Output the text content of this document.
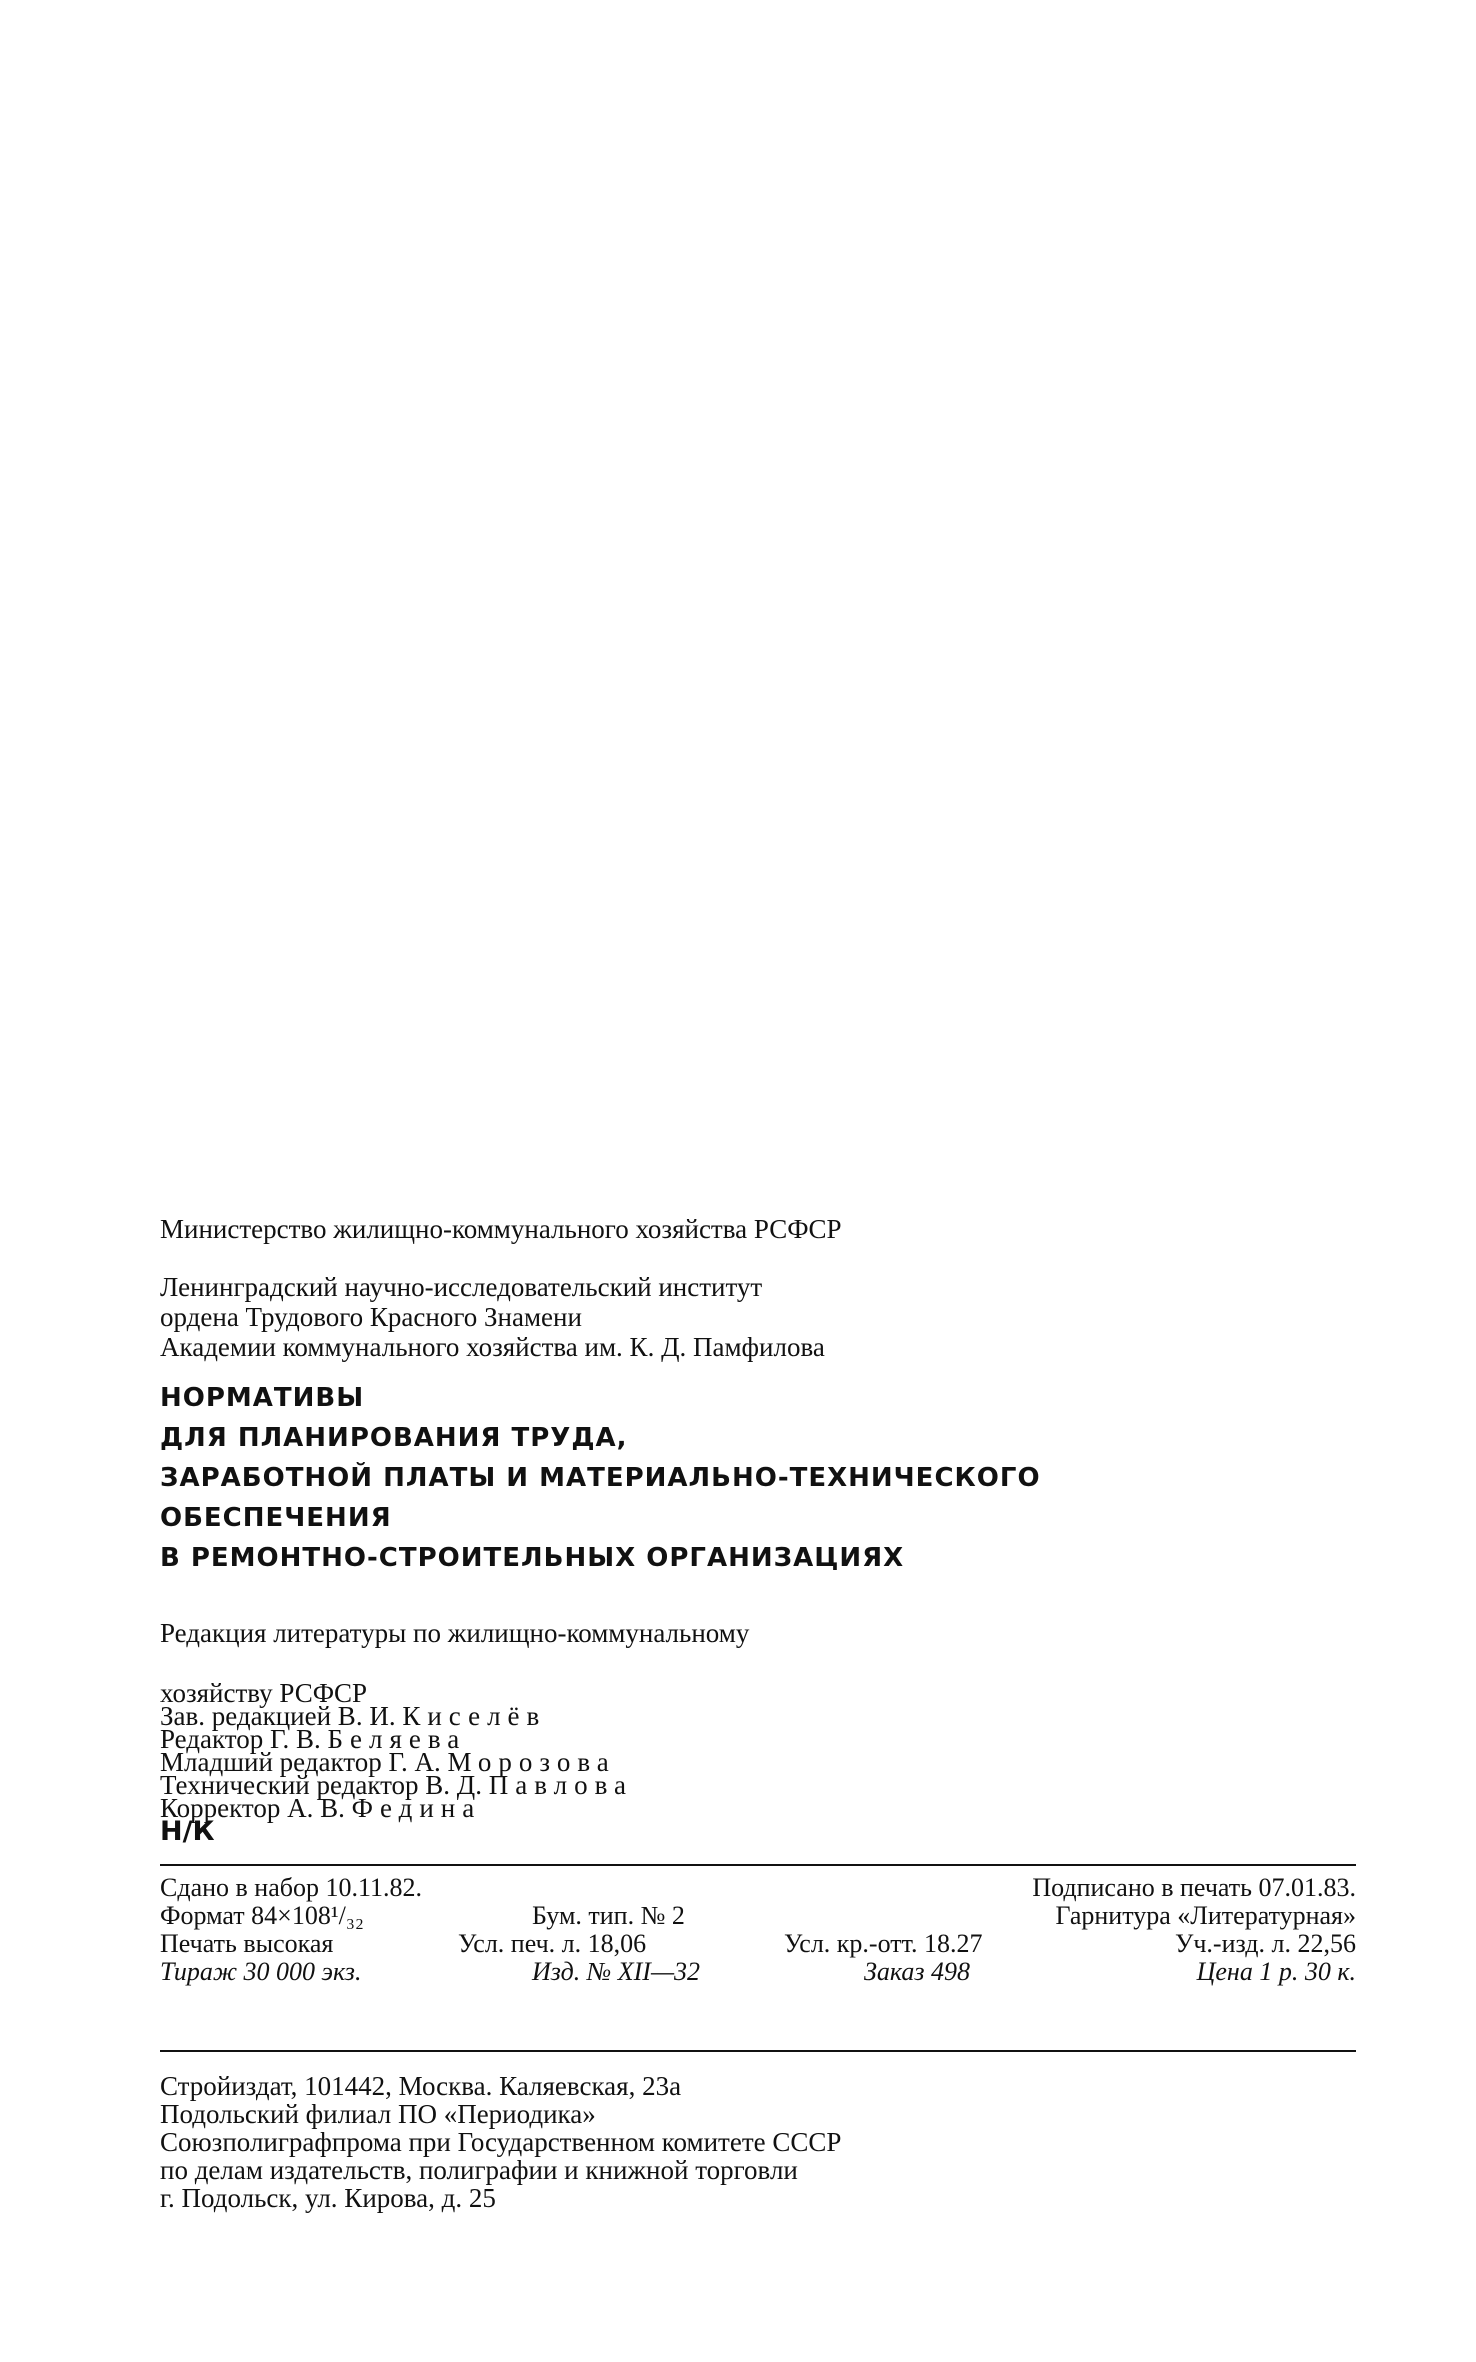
Министерство жилищно-коммунального хозяйства РСФСР

Ленинградский научно-исследовательский институт

ордена Трудового Красного Знамени

Академии коммунального хозяйства им. К. Д. Памфилова

НОРМАТИВЫ

ДЛЯ ПЛАНИРОВАНИЯ ТРУДА,

ЗАРАБОТНОЙ ПЛАТЫ И МАТЕРИАЛЬНО-ТЕХНИЧЕСКОГО

ОБЕСПЕЧЕНИЯ

В РЕМОНТНО-СТРОИТЕЛЬНЫХ ОРГАНИЗАЦИЯХ

Редакция литературы по жилищно-коммунальному

хозяйству РСФСР

Зав. редакцией В. И. Киселёв

Редактор Г. В. Беляева

Младший редактор Г. А. Морозова

Технический редактор В. Д. Павлова

Корректор А. В. Федина

Н/К

Сдано в набор 10.11.82.	Подписано в печать 07.01.83.
Формат 84×108¹/₃₂	Бум. тип. № 2	Гарнитура «Литературная»
Печать высокая	Усл. печ. л. 18,06	Усл. кр.-отт. 18.27	Уч.-изд. л. 22,56
Тираж 30 000 экз.	Изд. № XII—32	Заказ 498	Цена 1 р. 30 к.

Стройиздат, 101442, Москва. Каляевская, 23а

Подольский филиал ПО «Периодика»

Союзполиграфпрома при Государственном комитете СССР

по делам издательств, полиграфии и книжной торговли

г. Подольск, ул. Кирова, д. 25
